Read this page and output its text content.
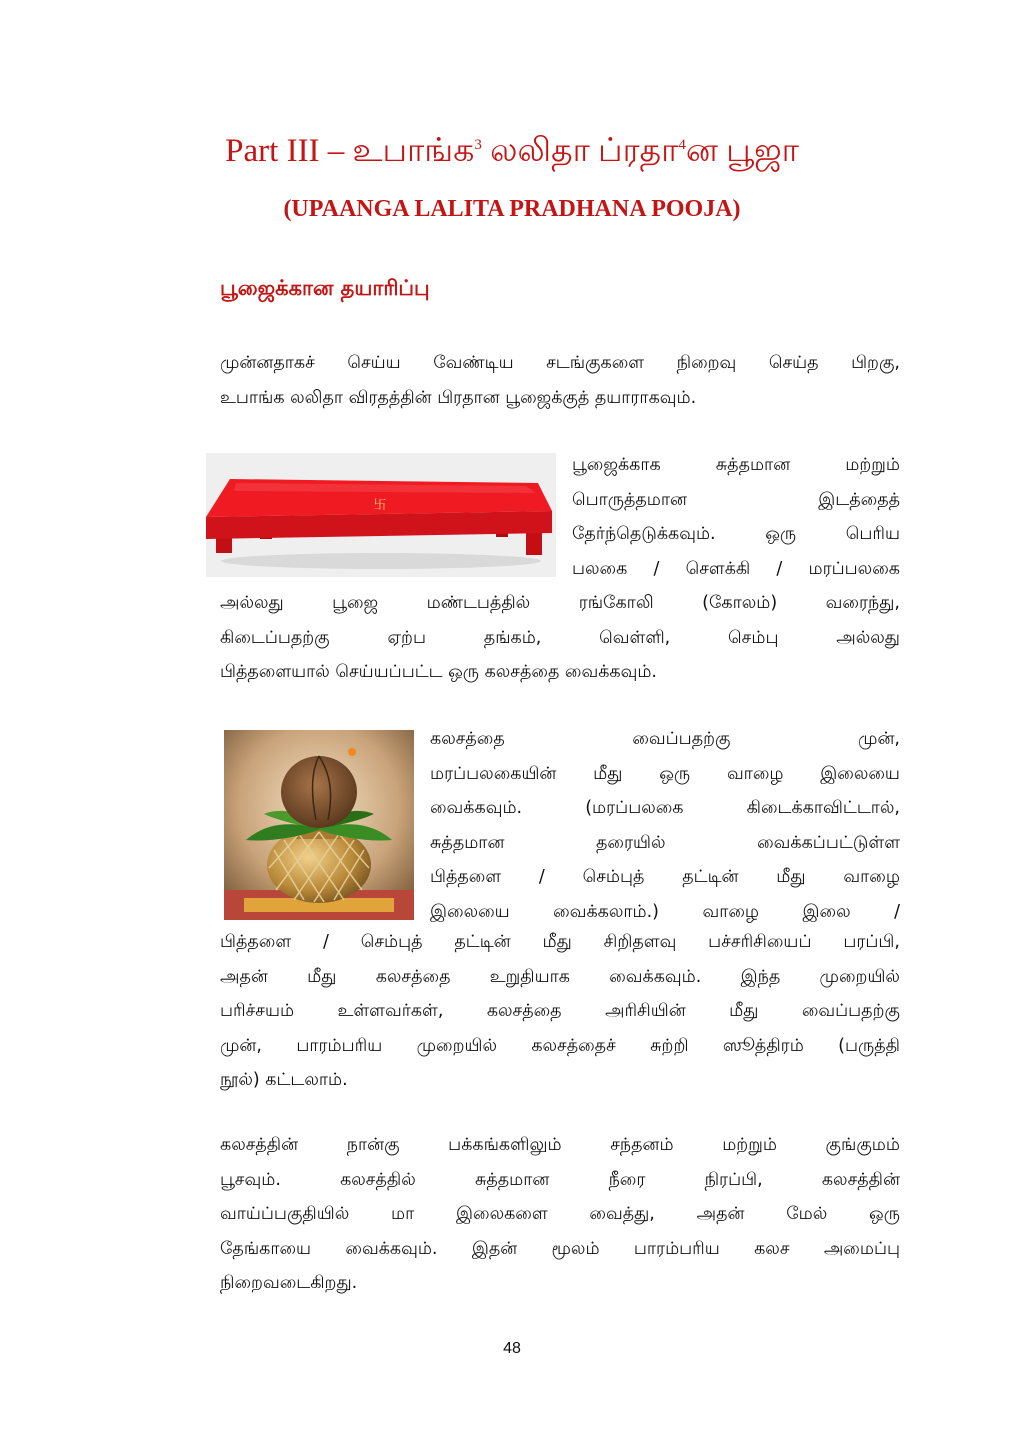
Part III – உபாங்க$^3$ லலிதா ப்ரதா$^4$ன பூஜா
(UPAANGA LALITA PRADHANA POOJA)
பூஜைக்கான தயாரிப்பு
முன்னதாகச் செய்ய வேண்டிய சடங்குகளை நிறைவு செய்த பிறகு,
உபாங்க லலிதா விரதத்தின் பிரதான பூஜைக்குத் தயாராகவும்.
卐
பூஜைக்காக	சுத்தமான	மற்றும்
பொருத்தமான	இடத்தைத்
தேர்ந்தெடுக்கவும்.	ஒரு	பெரிய
பலகை / சௌக்கி / மரப்பலகை
அல்லது	பூஜை	மண்டபத்தில்	ரங்கோலி	(கோலம்)	வரைந்து,
கிடைப்பதற்கு	ஏற்ப	தங்கம்,	வெள்ளி,	செம்பு	அல்லது
பித்தளையால் செய்யப்பட்ட ஒரு கலசத்தை வைக்கவும்.
கலசத்தை	வைப்பதற்கு	முன்,
மரப்பலகையின் மீது ஒரு வாழை இலையை
வைக்கவும்.	(மரப்பலகை	கிடைக்காவிட்டால்,
சுத்தமான	தரையில்	வைக்கப்பட்டுள்ள
பித்தளை / செம்புத் தட்டின் மீது வாழை
இலையை வைக்கலாம்.) வாழை இலை /
பித்தளை / செம்புத் தட்டின் மீது சிறிதளவு பச்சரிசியைப் பரப்பி,
அதன் மீது கலசத்தை உறுதியாக வைக்கவும். இந்த முறையில்
பரிச்சயம் உள்ளவர்கள், கலசத்தை அரிசியின் மீது வைப்பதற்கு
முன், பாரம்பரிய முறையில் கலசத்தைச் சுற்றி ஸூத்திரம் (பருத்தி
நூல்) கட்டலாம்.
கலசத்தின்	நான்கு	பக்கங்களிலும்	சந்தனம்	மற்றும்	குங்குமம்
பூசவும்.	கலசத்தில்	சுத்தமான	நீரை	நிரப்பி,	கலசத்தின்
வாய்ப்பகுதியில் மா இலைகளை வைத்து, அதன் மேல் ஒரு
தேங்காயை வைக்கவும். இதன் மூலம் பாரம்பரிய கலச அமைப்பு
நிறைவடைகிறது.
48
